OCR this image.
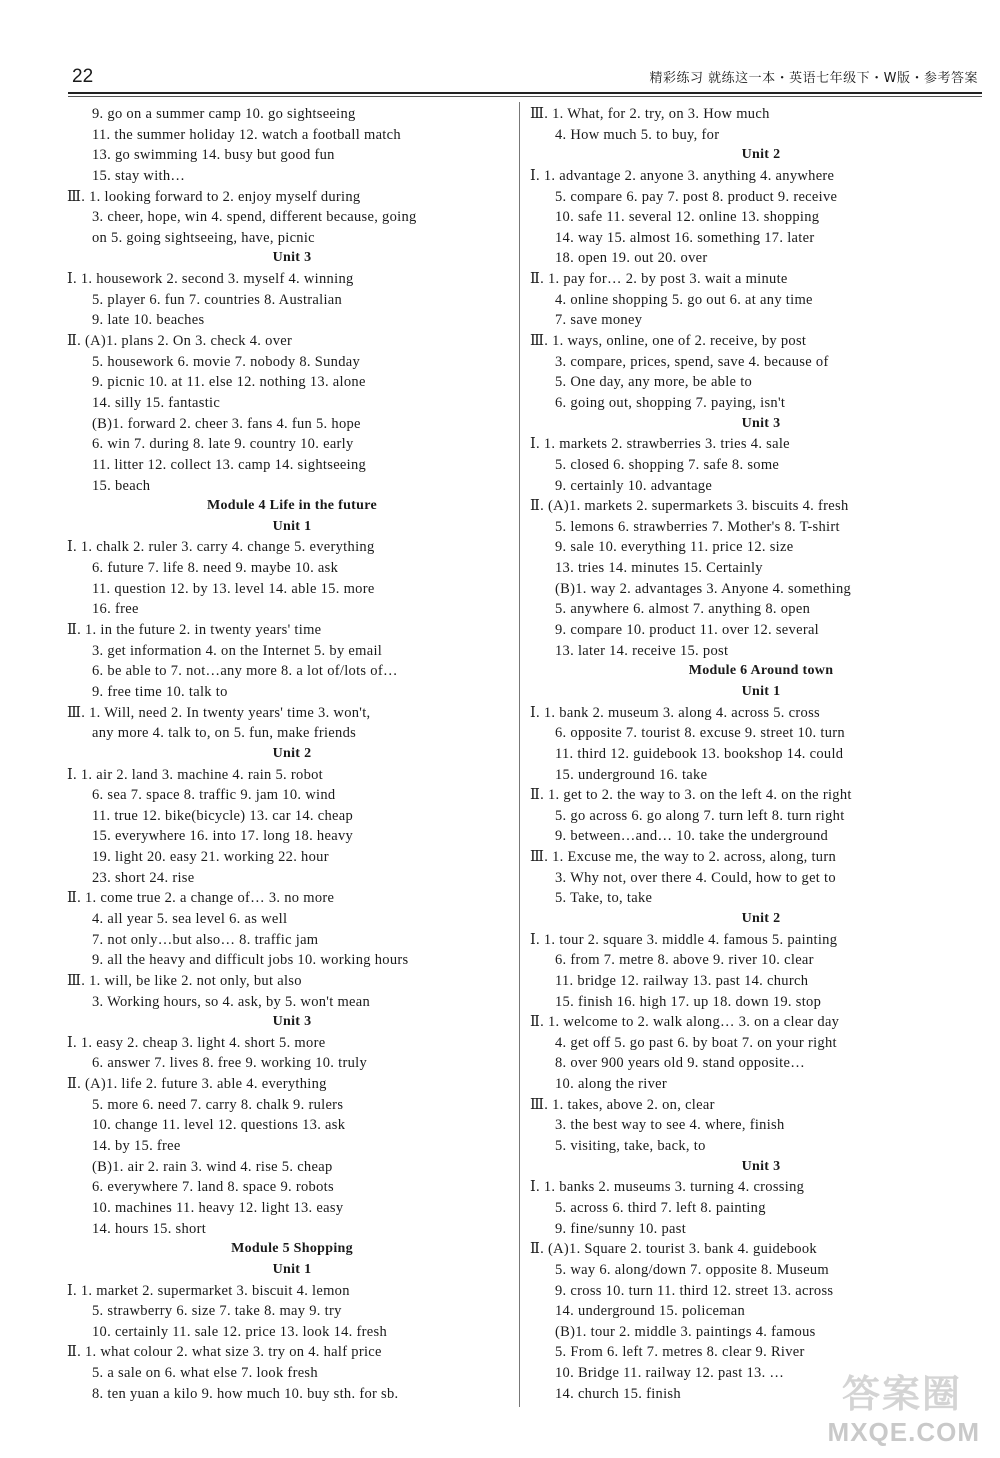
22	精彩练习 就练这一本・英语七年级下・W版・参考答案
9. go on a summer camp 10. go sightseeing
11. the summer holiday 12. watch a football match
13. go swimming 14. busy but good fun
15. stay with…
Ⅲ. 1. looking forward to 2. enjoy myself during
3. cheer, hope, win 4. spend, different because, going
on 5. going sightseeing, have, picnic
Unit 3
Ⅰ. 1. housework 2. second 3. myself 4. winning
5. player 6. fun 7. countries 8. Australian
9. late 10. beaches
Ⅱ. (A)1. plans 2. On 3. check 4. over
5. housework 6. movie 7. nobody 8. Sunday
9. picnic 10. at 11. else 12. nothing 13. alone
14. silly 15. fantastic
(B)1. forward 2. cheer 3. fans 4. fun 5. hope
6. win 7. during 8. late 9. country 10. early
11. litter 12. collect 13. camp 14. sightseeing
15. beach
Module 4 Life in the future
Unit 1
Ⅰ. 1. chalk 2. ruler 3. carry 4. change 5. everything
6. future 7. life 8. need 9. maybe 10. ask
11. question 12. by 13. level 14. able 15. more
16. free
Ⅱ. 1. in the future 2. in twenty years' time
3. get information 4. on the Internet 5. by email
6. be able to 7. not…any more 8. a lot of/lots of…
9. free time 10. talk to
Ⅲ. 1. Will, need 2. In twenty years' time 3. won't,
any more 4. talk to, on 5. fun, make friends
Unit 2
Ⅰ. 1. air 2. land 3. machine 4. rain 5. robot
6. sea 7. space 8. traffic 9. jam 10. wind
11. true 12. bike(bicycle) 13. car 14. cheap
15. everywhere 16. into 17. long 18. heavy
19. light 20. easy 21. working 22. hour
23. short 24. rise
Ⅱ. 1. come true 2. a change of… 3. no more
4. all year 5. sea level 6. as well
7. not only…but also… 8. traffic jam
9. all the heavy and difficult jobs 10. working hours
Ⅲ. 1. will, be like 2. not only, but also
3. Working hours, so 4. ask, by 5. won't mean
Unit 3
Ⅰ. 1. easy 2. cheap 3. light 4. short 5. more
6. answer 7. lives 8. free 9. working 10. truly
Ⅱ. (A)1. life 2. future 3. able 4. everything
5. more 6. need 7. carry 8. chalk 9. rulers
10. change 11. level 12. questions 13. ask
14. by 15. free
(B)1. air 2. rain 3. wind 4. rise 5. cheap
6. everywhere 7. land 8. space 9. robots
10. machines 11. heavy 12. light 13. easy
14. hours 15. short
Module 5 Shopping
Unit 1
Ⅰ. 1. market 2. supermarket 3. biscuit 4. lemon
5. strawberry 6. size 7. take 8. may 9. try
10. certainly 11. sale 12. price 13. look 14. fresh
Ⅱ. 1. what colour 2. what size 3. try on 4. half price
5. a sale on 6. what else 7. look fresh
8. ten yuan a kilo 9. how much 10. buy sth. for sb.
Ⅲ. 1. What, for 2. try, on 3. How much
4. How much 5. to buy, for
Unit 2
Ⅰ. 1. advantage 2. anyone 3. anything 4. anywhere
5. compare 6. pay 7. post 8. product 9. receive
10. safe 11. several 12. online 13. shopping
14. way 15. almost 16. something 17. later
18. open 19. out 20. over
Ⅱ. 1. pay for… 2. by post 3. wait a minute
4. online shopping 5. go out 6. at any time
7. save money
Ⅲ. 1. ways, online, one of 2. receive, by post
3. compare, prices, spend, save 4. because of
5. One day, any more, be able to
6. going out, shopping 7. paying, isn't
Unit 3
Ⅰ. 1. markets 2. strawberries 3. tries 4. sale
5. closed 6. shopping 7. safe 8. some
9. certainly 10. advantage
Ⅱ. (A)1. markets 2. supermarkets 3. biscuits 4. fresh
5. lemons 6. strawberries 7. Mother's 8. T-shirt
9. sale 10. everything 11. price 12. size
13. tries 14. minutes 15. Certainly
(B)1. way 2. advantages 3. Anyone 4. something
5. anywhere 6. almost 7. anything 8. open
9. compare 10. product 11. over 12. several
13. later 14. receive 15. post
Module 6 Around town
Unit 1
Ⅰ. 1. bank 2. museum 3. along 4. across 5. cross
6. opposite 7. tourist 8. excuse 9. street 10. turn
11. third 12. guidebook 13. bookshop 14. could
15. underground 16. take
Ⅱ. 1. get to 2. the way to 3. on the left 4. on the right
5. go across 6. go along 7. turn left 8. turn right
9. between…and… 10. take the underground
Ⅲ. 1. Excuse me, the way to 2. across, along, turn
3. Why not, over there 4. Could, how to get to
5. Take, to, take
Unit 2
Ⅰ. 1. tour 2. square 3. middle 4. famous 5. painting
6. from 7. metre 8. above 9. river 10. clear
11. bridge 12. railway 13. past 14. church
15. finish 16. high 17. up 18. down 19. stop
Ⅱ. 1. welcome to 2. walk along… 3. on a clear day
4. get off 5. go past 6. by boat 7. on your right
8. over 900 years old 9. stand opposite…
10. along the river
Ⅲ. 1. takes, above 2. on, clear
3. the best way to see 4. where, finish
5. visiting, take, back, to
Unit 3
Ⅰ. 1. banks 2. museums 3. turning 4. crossing
5. across 6. third 7. left 8. painting
9. fine/sunny 10. past
Ⅱ. (A)1. Square 2. tourist 3. bank 4. guidebook
5. way 6. along/down 7. opposite 8. Museum
9. cross 10. turn 11. third 12. street 13. across
14. underground 15. policeman
(B)1. tour 2. middle 3. paintings 4. famous
5. From 6. left 7. metres 8. clear 9. River
10. Bridge 11. railway 12. past 13. …
14. church 15. finish	答案圈
MXQE.COM
